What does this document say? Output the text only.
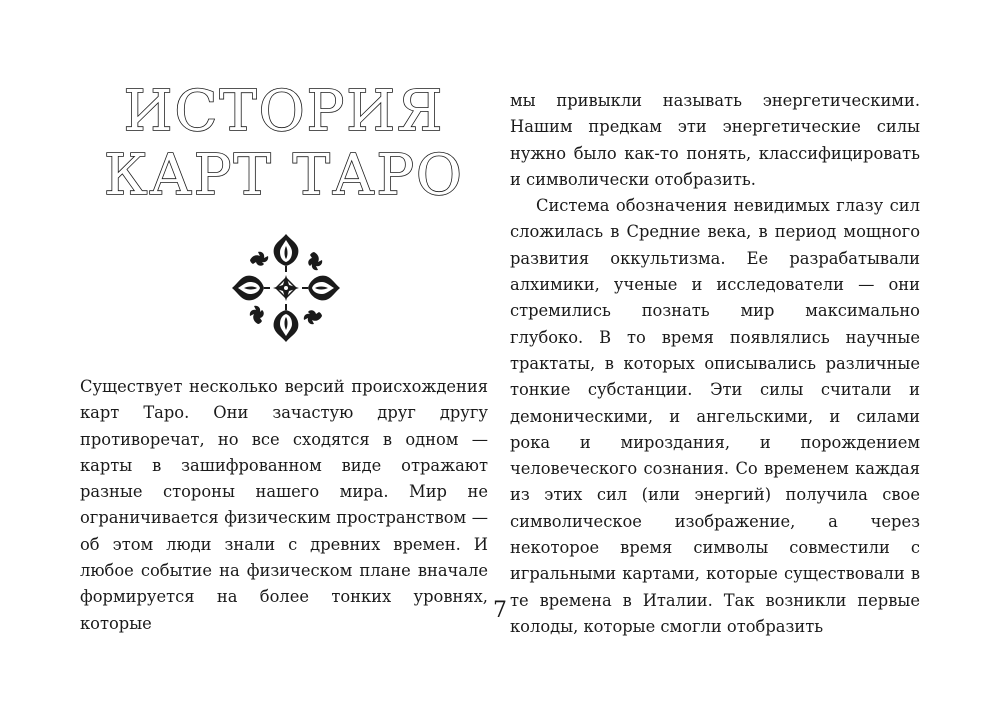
ИСТОРИЯ
КАРТ ТАРО

Существует несколько версий происхождения карт Таро. Они зачастую друг другу противоречат, но все сходятся в одном — карты в зашифрованном виде отражают разные стороны нашего мира. Мир не ограничивается физическим пространством — об этом люди знали с древних времен. И любое событие на физическом плане вначале формируется на более тонких уровнях, которые

мы привыкли называть энергетическими. Нашим предкам эти энергетические силы нужно было как-то понять, классифицировать и символически отобразить.

Система обозначения невидимых глазу сил сложилась в Средние века, в период мощного развития оккультизма. Ее разрабатывали алхимики, ученые и исследователи — они стремились познать мир максимально глубоко. В то время появлялись научные трактаты, в которых описывались различные тонкие субстанции. Эти силы считали и демоническими, и ангельскими, и силами рока и мироздания, и порождением человеческого сознания. Со временем каждая из этих сил (или энергий) получила свое символическое изображение, а через некоторое время символы совместили с игральными картами, которые существовали в те времена в Италии. Так возникли первые колоды, которые смогли отобразить

7
